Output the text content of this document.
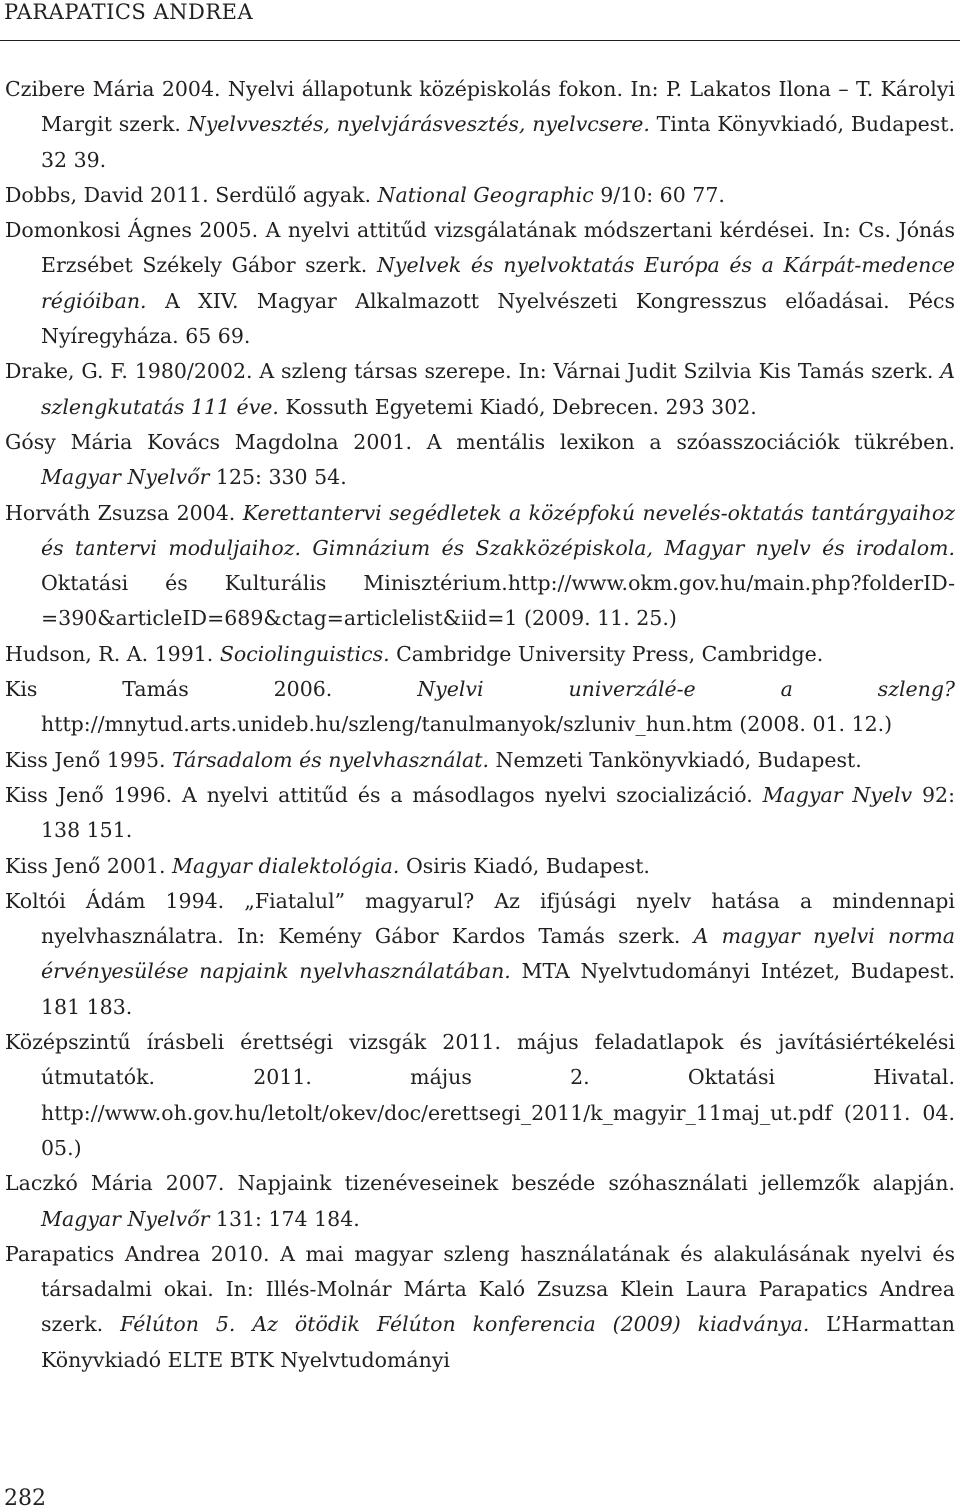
PARAPATICS ANDREA

Czibere Mária 2004. Nyelvi állapotunk középiskolás fokon. In: P. Lakatos Ilona – T. Károlyi Margit szerk. Nyelvvesztés, nyelvjárásvesztés, nyelvcsere. Tinta Könyvkiadó, Budapest. 32 39.

Dobbs, David 2011. Serdülő agyak. National Geographic 9/10: 60 77.

Domonkosi Ágnes 2005. A nyelvi attitűd vizsgálatának módszertani kérdései. In: Cs. Jónás Erzsébet Székely Gábor szerk. Nyelvek és nyelvoktatás Európa és a Kárpát-medence régióiban. A XIV. Magyar Alkalmazott Nyelvészeti Kongresszus előadásai. Pécs Nyíregyháza. 65 69.

Drake, G. F. 1980/2002. A szleng társas szerepe. In: Várnai Judit Szilvia Kis Tamás szerk. A szlengkutatás 111 éve. Kossuth Egyetemi Kiadó, Debrecen. 293 302.

Gósy Mária Kovács Magdolna 2001. A mentális lexikon a szóasszociációk tükrében. Magyar Nyelvőr 125: 330 54.

Horváth Zsuzsa 2004. Kerettantervi segédletek a középfokú nevelés-oktatás tantárgyaihoz és tantervi moduljaihoz. Gimnázium és Szakközépiskola, Magyar nyelv és irodalom. Oktatási és Kulturális Minisztérium.http://www.okm.gov.hu/main.php?folderID-=390&articleID=689&ctag=articlelist&iid=1 (2009. 11. 25.)

Hudson, R. A. 1991. Sociolinguistics. Cambridge University Press, Cambridge.

Kis Tamás 2006. Nyelvi univerzálé-e a szleng? http://mnytud.arts.unideb.hu/szleng/tanulmanyok/szluniv_hun.htm (2008. 01. 12.)

Kiss Jenő 1995. Társadalom és nyelvhasználat. Nemzeti Tankönyvkiadó, Budapest.

Kiss Jenő 1996. A nyelvi attitűd és a másodlagos nyelvi szocializáció. Magyar Nyelv 92: 138 151.

Kiss Jenő 2001. Magyar dialektológia. Osiris Kiadó, Budapest.

Koltói Ádám 1994. „Fiatalul” magyarul? Az ifjúsági nyelv hatása a mindennapi nyelvhasználatra. In: Kemény Gábor Kardos Tamás szerk. A magyar nyelvi norma érvényesülése napjaink nyelvhasználatában. MTA Nyelvtudományi Intézet, Budapest. 181 183.

Középszintű írásbeli érettségi vizsgák 2011. május feladatlapok és javításiértékelési útmutatók. 2011. május 2. Oktatási Hivatal. http://www.oh.gov.hu/letolt/okev/doc/erettsegi_2011/k_magyir_11maj_ut.pdf (2011. 04. 05.)

Laczkó Mária 2007. Napjaink tizenéveseinek beszéde szóhasználati jellemzők alapján. Magyar Nyelvőr 131: 174 184.

Parapatics Andrea 2010. A mai magyar szleng használatának és alakulásának nyelvi és társadalmi okai. In: Illés-Molnár Márta Kaló Zsuzsa Klein Laura Parapatics Andrea szerk. Félúton 5. Az ötödik Félúton konferencia (2009) kiadványa. L’Harmattan Könyvkiadó ELTE BTK Nyelvtudományi

282
